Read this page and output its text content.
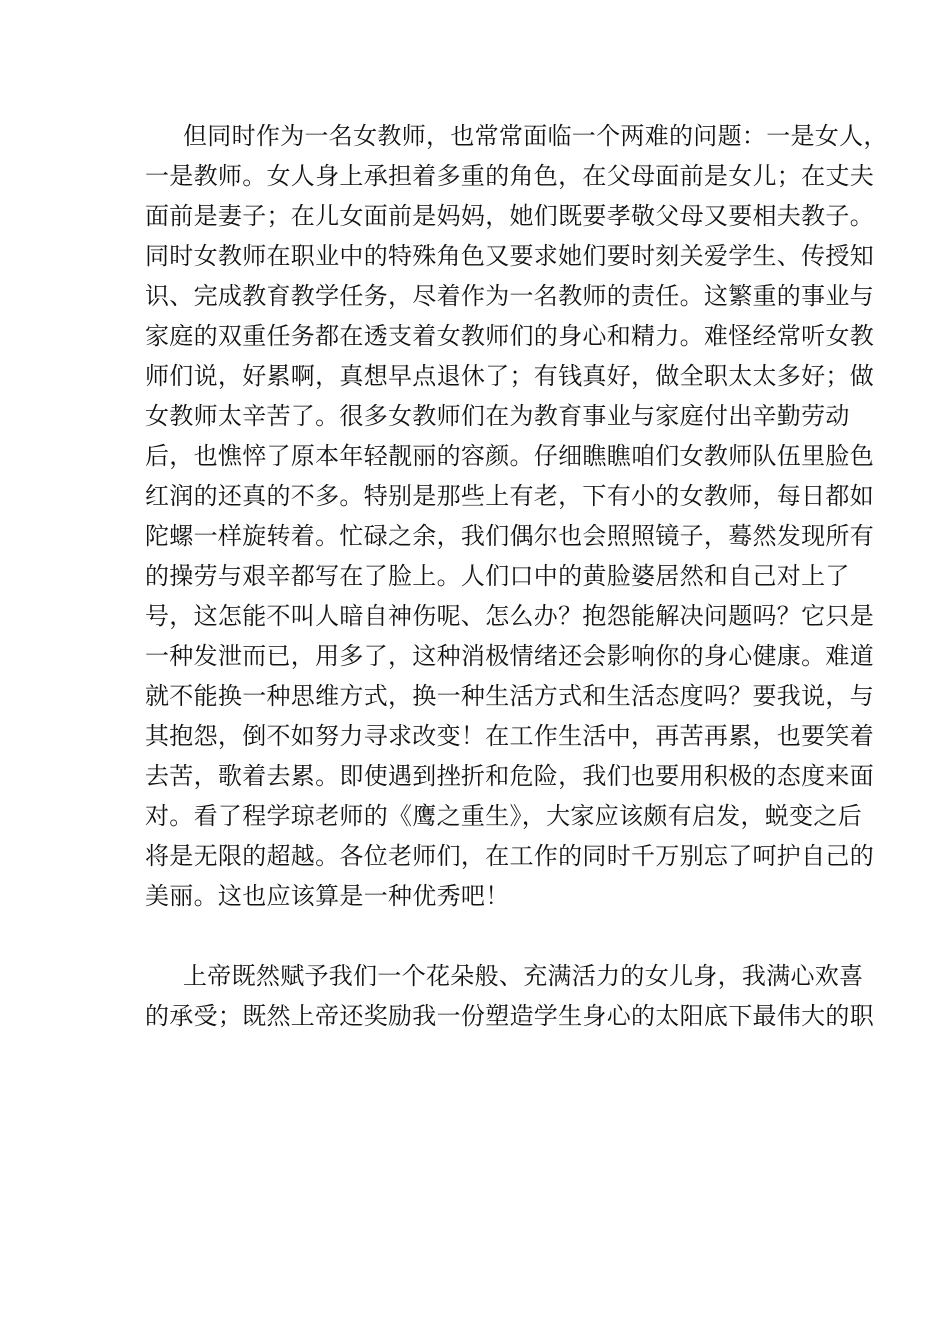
但同时作为一名女教师，也常常面临一个两难的问题：一是女人，
一是教师。女人身上承担着多重的角色，在父母面前是女儿；在丈夫
面前是妻子；在儿女面前是妈妈，她们既要孝敬父母又要相夫教子。
同时女教师在职业中的特殊角色又要求她们要时刻关爱学生、传授知
识、完成教育教学任务，尽着作为一名教师的责任。这繁重的事业与
家庭的双重任务都在透支着女教师们的身心和精力。难怪经常听女教
师们说，好累啊，真想早点退休了；有钱真好，做全职太太多好；做
女教师太辛苦了。很多女教师们在为教育事业与家庭付出辛勤劳动
后，也憔悴了原本年轻靓丽的容颜。仔细瞧瞧咱们女教师队伍里脸色
红润的还真的不多。特别是那些上有老，下有小的女教师，每日都如
陀螺一样旋转着。忙碌之余，我们偶尔也会照照镜子，蓦然发现所有
的操劳与艰辛都写在了脸上。人们口中的黄脸婆居然和自己对上了
号，这怎能不叫人暗自神伤呢、怎么办？抱怨能解决问题吗？它只是
一种发泄而已，用多了，这种消极情绪还会影响你的身心健康。难道
就不能换一种思维方式，换一种生活方式和生活态度吗？要我说，与
其抱怨，倒不如努力寻求改变！在工作生活中，再苦再累，也要笑着
去苦，歌着去累。即使遇到挫折和危险，我们也要用积极的态度来面
对。看了程学琼老师的《鹰之重生》，大家应该颇有启发，蜕变之后
将是无限的超越。各位老师们，在工作的同时千万别忘了呵护自己的
美丽。这也应该算是一种优秀吧！
上帝既然赋予我们一个花朵般、充满活力的女儿身，我满心欢喜
的承受；既然上帝还奖励我一份塑造学生身心的太阳底下最伟大的职
